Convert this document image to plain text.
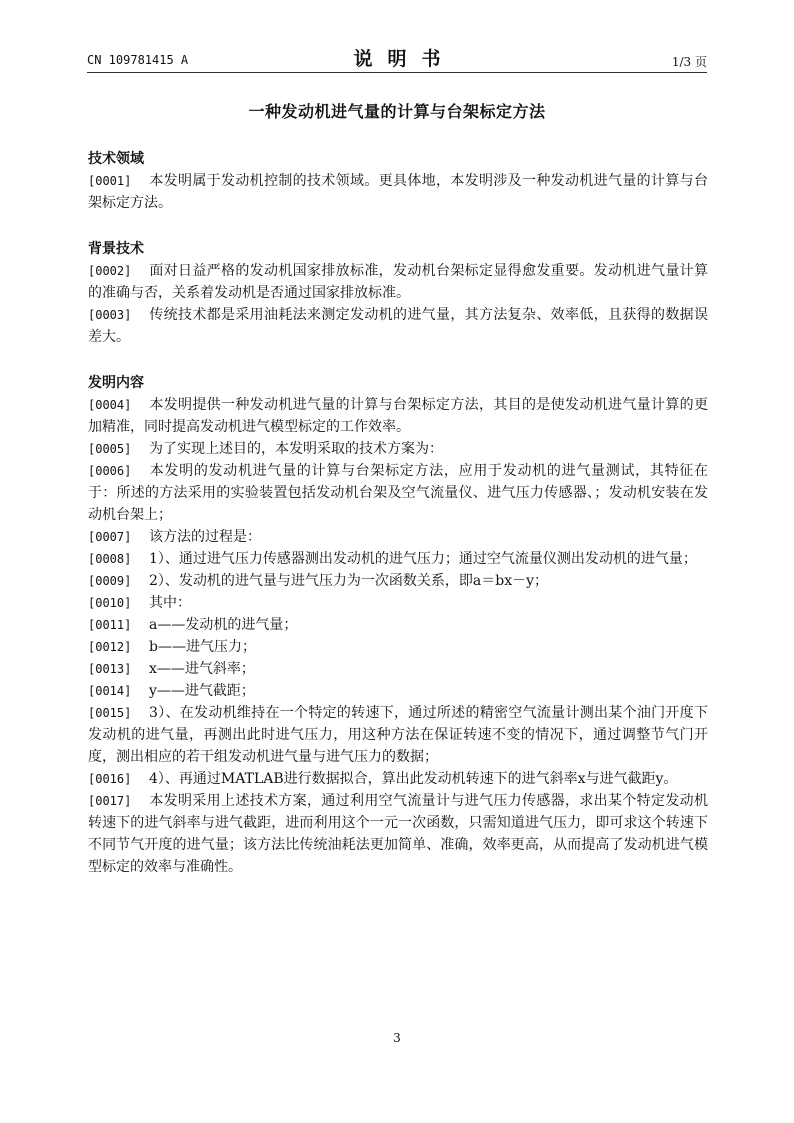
CN 109781415 A	说明书	1/3 页
一种发动机进气量的计算与台架标定方法
技术领域

[0001] 本发明属于发动机控制的技术领域。更具体地，本发明涉及一种发动机进气量的计算与台架标定方法。

背景技术

[0002] 面对日益严格的发动机国家排放标准，发动机台架标定显得愈发重要。发动机进气量计算的准确与否，关系着发动机是否通过国家排放标准。

[0003] 传统技术都是采用油耗法来测定发动机的进气量，其方法复杂、效率低，且获得的数据误差大。

发明内容

[0004] 本发明提供一种发动机进气量的计算与台架标定方法，其目的是使发动机进气量计算的更加精准，同时提高发动机进气模型标定的工作效率。

[0005] 为了实现上述目的，本发明采取的技术方案为：

[0006] 本发明的发动机进气量的计算与台架标定方法，应用于发动机的进气量测试，其特征在于：所述的方法采用的实验装置包括发动机台架及空气流量仪、进气压力传感器、；发动机安装在发动机台架上；

[0007] 该方法的过程是：

[0008] 1）、通过进气压力传感器测出发动机的进气压力；通过空气流量仪测出发动机的进气量；

[0009] 2）、发动机的进气量与进气压力为一次函数关系，即a＝bx－y；

[0010] 其中：

[0011] a——发动机的进气量；

[0012] b——进气压力；

[0013] x——进气斜率；

[0014] y——进气截距；

[0015] 3）、在发动机维持在一个特定的转速下，通过所述的精密空气流量计测出某个油门开度下发动机的进气量，再测出此时进气压力，用这种方法在保证转速不变的情况下，通过调整节气门开度，测出相应的若干组发动机进气量与进气压力的数据；

[0016] 4）、再通过MATLAB进行数据拟合，算出此发动机转速下的进气斜率x与进气截距y。

[0017] 本发明采用上述技术方案，通过利用空气流量计与进气压力传感器，求出某个特定发动机转速下的进气斜率与进气截距，进而利用这个一元一次函数，只需知道进气压力，即可求这个转速下不同节气开度的进气量；该方法比传统油耗法更加简单、准确，效率更高，从而提高了发动机进气模型标定的效率与准确性。

3
